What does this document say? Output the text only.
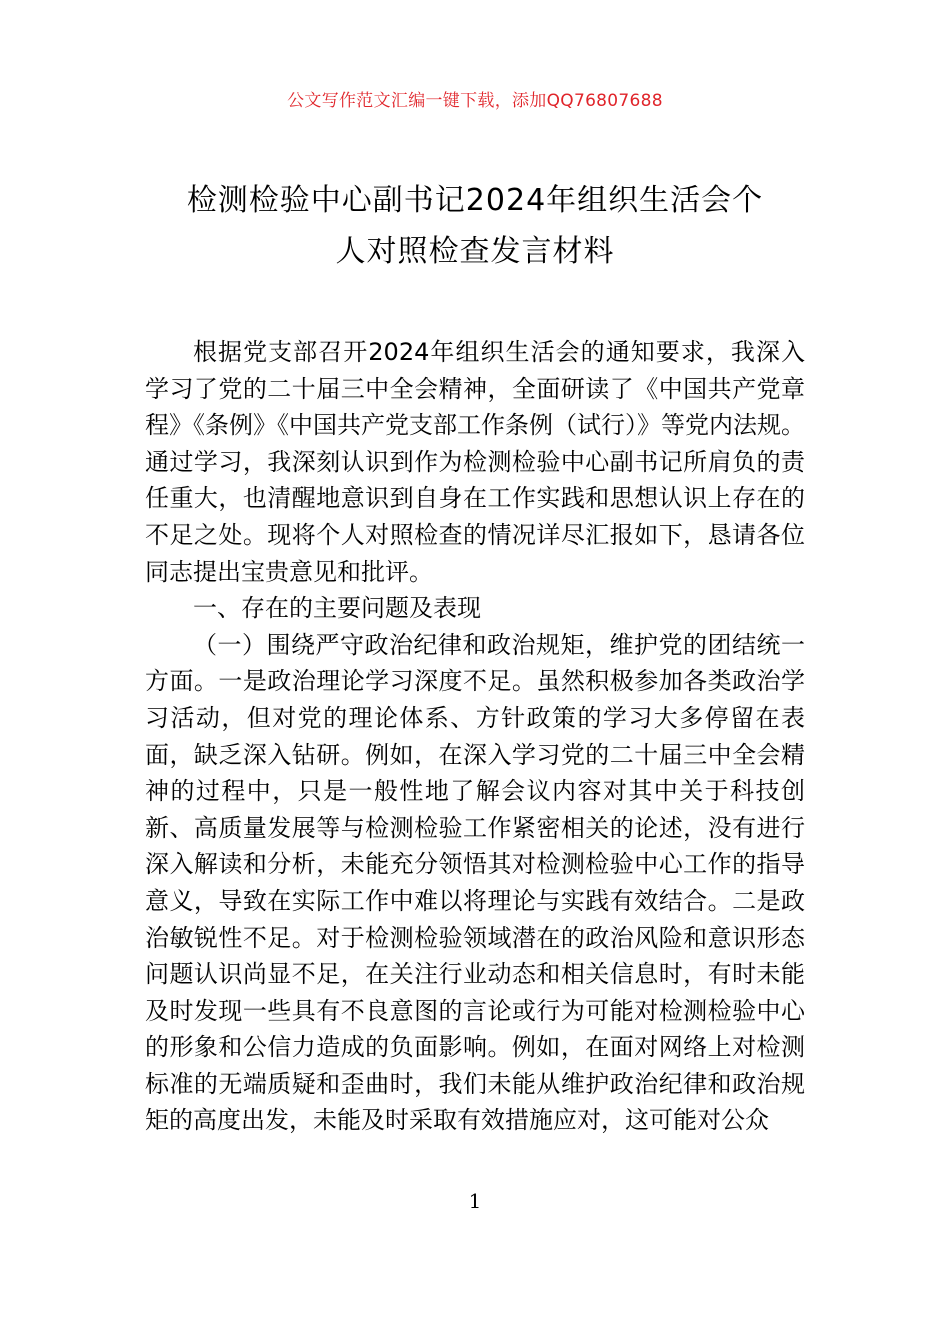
公文写作范文汇编一键下载，添加QQ76807688
检测检验中心副书记2024年组织生活会个
人对照检查发言材料

根据党支部召开2024年组织生活会的通知要求，我深入学习了党的二十届三中全会精神，全面研读了《中国共产党章程》《条例》《中国共产党支部工作条例（试行）》等党内法规。通过学习，我深刻认识到作为检测检验中心副书记所肩负的责任重大，也清醒地意识到自身在工作实践和思想认识上存在的不足之处。现将个人对照检查的情况详尽汇报如下，恳请各位同志提出宝贵意见和批评。

一、存在的主要问题及表现

（一）围绕严守政治纪律和政治规矩，维护党的团结统一方面。一是政治理论学习深度不足。虽然积极参加各类政治学习活动，但对党的理论体系、方针政策的学习大多停留在表面，缺乏深入钻研。例如，在深入学习党的二十届三中全会精神的过程中，只是一般性地了解会议内容对其中关于科技创新、高质量发展等与检测检验工作紧密相关的论述，没有进行深入解读和分析，未能充分领悟其对检测检验中心工作的指导意义，导致在实际工作中难以将理论与实践有效结合。二是政治敏锐性不足。对于检测检验领域潜在的政治风险和意识形态问题认识尚显不足，在关注行业动态和相关信息时，有时未能及时发现一些具有不良意图的言论或行为可能对检测检验中心的形象和公信力造成的负面影响。例如，在面对网络上对检测标准的无端质疑和歪曲时，我们未能从维护政治纪律和政治规矩的高度出发，未能及时采取有效措施应对，这可能对公众

1
